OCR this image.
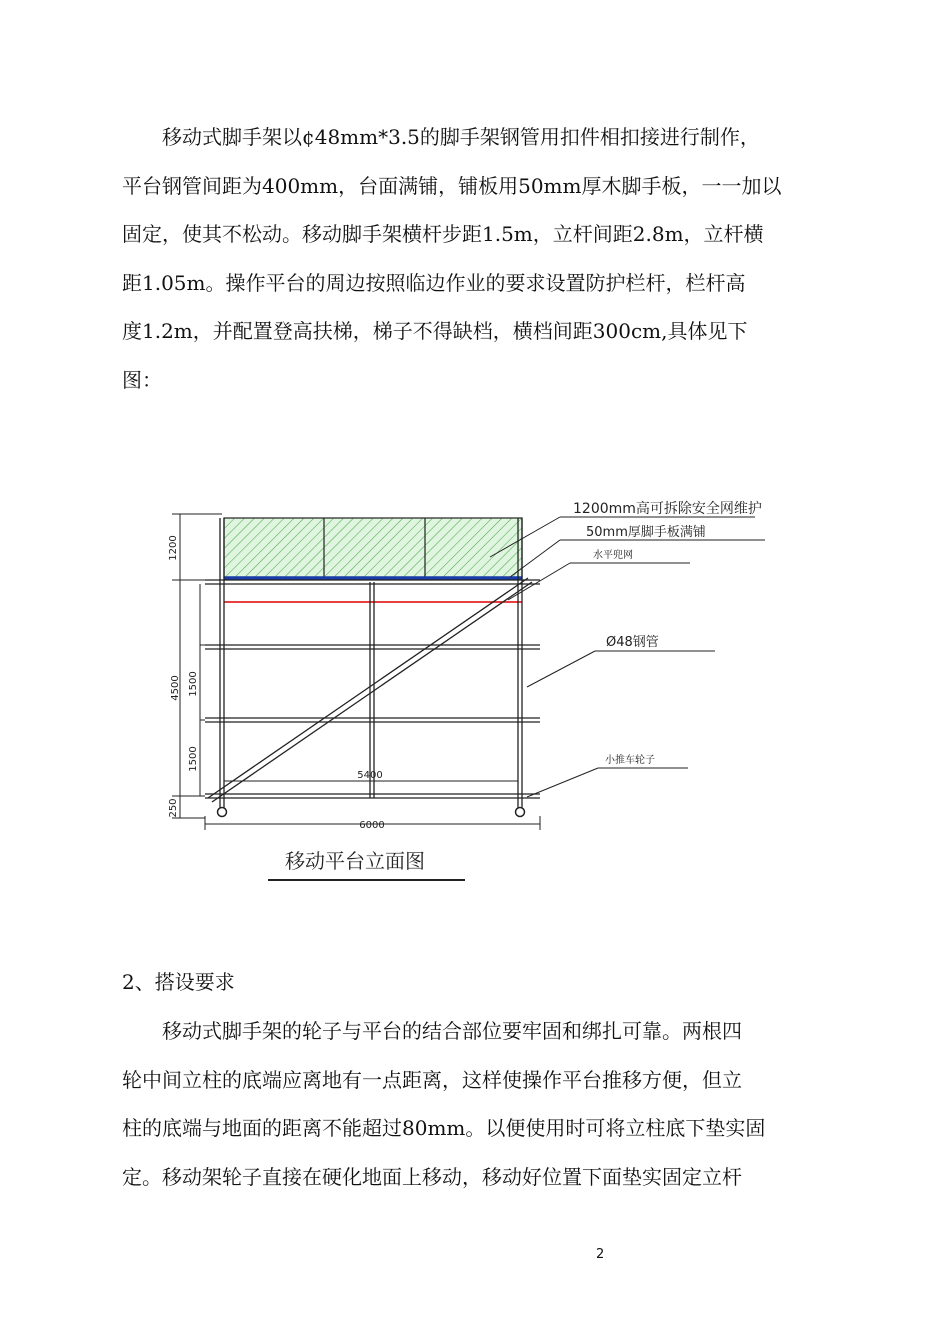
　　移动式脚手架以¢48mm*3.5的脚手架钢管用扣件相扣接进行制作，
平台钢管间距为400mm，台面满铺，铺板用50mm厚木脚手板，一一加以
固定，使其不松动。移动脚手架横杆步距1.5m，立杆间距2.8m，立杆横
距1.05m。操作平台的周边按照临边作业的要求设置防护栏杆，栏杆高
度1.2m，并配置登高扶梯，梯子不得缺档，横档间距300cm,具体见下
图：
1200
4500 1500
1500
250
5400
6000
1200mm高可拆除安全网维护
50mm厚脚手板满铺
水平兜网
Ø48钢管
小推车轮子
移动平台立面图
2、搭设要求
　　移动式脚手架的轮子与平台的结合部位要牢固和绑扎可靠。两根四
轮中间立柱的底端应离地有一点距离，这样使操作平台推移方便，但立
柱的底端与地面的距离不能超过80mm。以便使用时可将立柱底下垫实固
定。移动架轮子直接在硬化地面上移动，移动好位置下面垫实固定立杆
2
